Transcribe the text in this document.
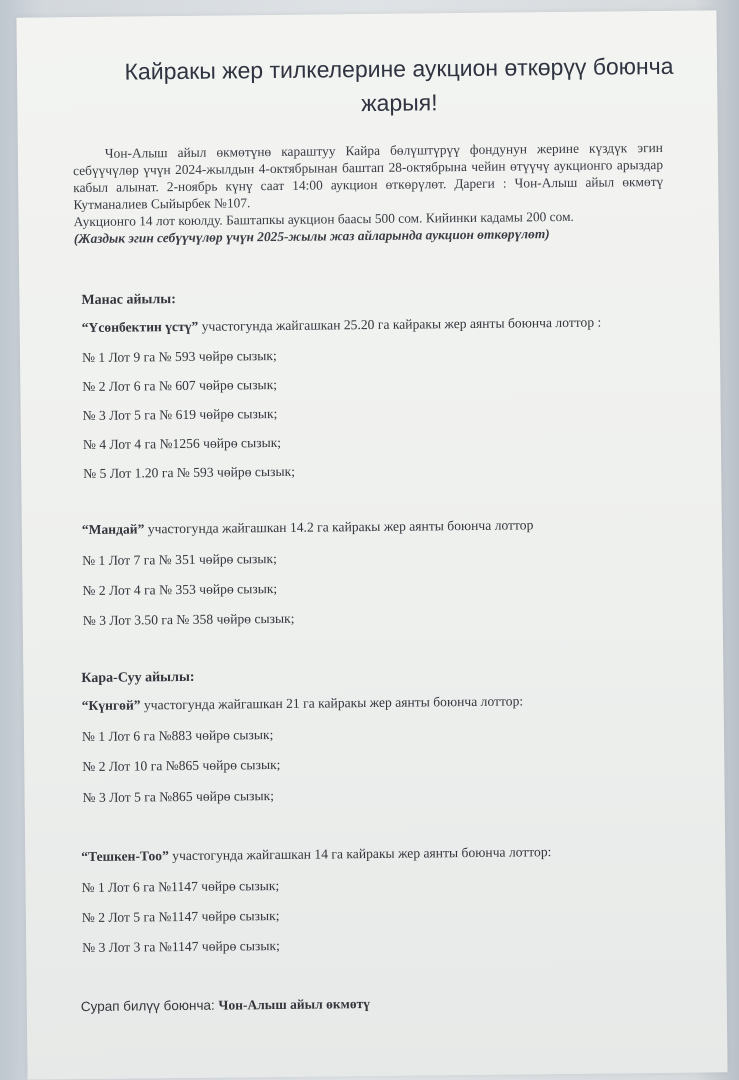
Кайракы жер тилкелерине аукцион өткөрүү боюнча
жарыя!
Чон-Алыш айыл өкмөтүнө караштуу Кайра бөлүштүрүү фондунун жерине күздүк эгин себүүчүлөр үчүн 2024-жылдын 4-октябрынан баштап 28-октябрына чейин өтүүчү аукционго арыздар кабыл алынат. 2-ноябрь күнү саат 14:00 аукцион өткөрүлөт. Дареги : Чон-Алыш айыл өкмөтү Кутманалиев Сыйырбек №107.
Аукционго 14 лот коюлду. Баштапкы аукцион баасы 500 сом. Кийинки кадамы 200 сом.
(Жаздык эгин себүүчүлөр үчүн 2025-жылы жаз айларында аукцион өткөрүлөт)
Манас айылы:
“Үсөнбектин үстү” участогунда жайгашкан 25.20 га кайракы жер аянты боюнча лоттор :
№ 1 Лот 9 га № 593 чөйрө сызык;
№ 2 Лот 6 га № 607 чөйрө сызык;
№ 3 Лот 5 га № 619 чөйрө сызык;
№ 4 Лот 4 га №1256 чөйрө сызык;
№ 5 Лот 1.20 га № 593 чөйрө сызык;
“Мандай” участогунда жайгашкан 14.2 га кайракы жер аянты боюнча лоттор
№ 1 Лот 7 га № 351 чөйрө сызык;
№ 2 Лот 4 га № 353 чөйрө сызык;
№ 3 Лот 3.50 га № 358 чөйрө сызык;
Кара-Суу айылы:
“Күнгөй” участогунда жайгашкан 21 га кайракы жер аянты боюнча лоттор:
№ 1 Лот 6 га №883 чөйрө сызык;
№ 2 Лот 10 га №865 чөйрө сызык;
№ 3 Лот 5 га №865 чөйрө сызык;
“Тешкен-Тоо” участогунда жайгашкан 14 га кайракы жер аянты боюнча лоттор:
№ 1 Лот 6 га №1147 чөйрө сызык;
№ 2 Лот 5 га №1147 чөйрө сызык;
№ 3 Лот 3 га №1147 чөйрө сызык;
Сурап билүү боюнча: Чон-Алыш айыл өкмөтү
